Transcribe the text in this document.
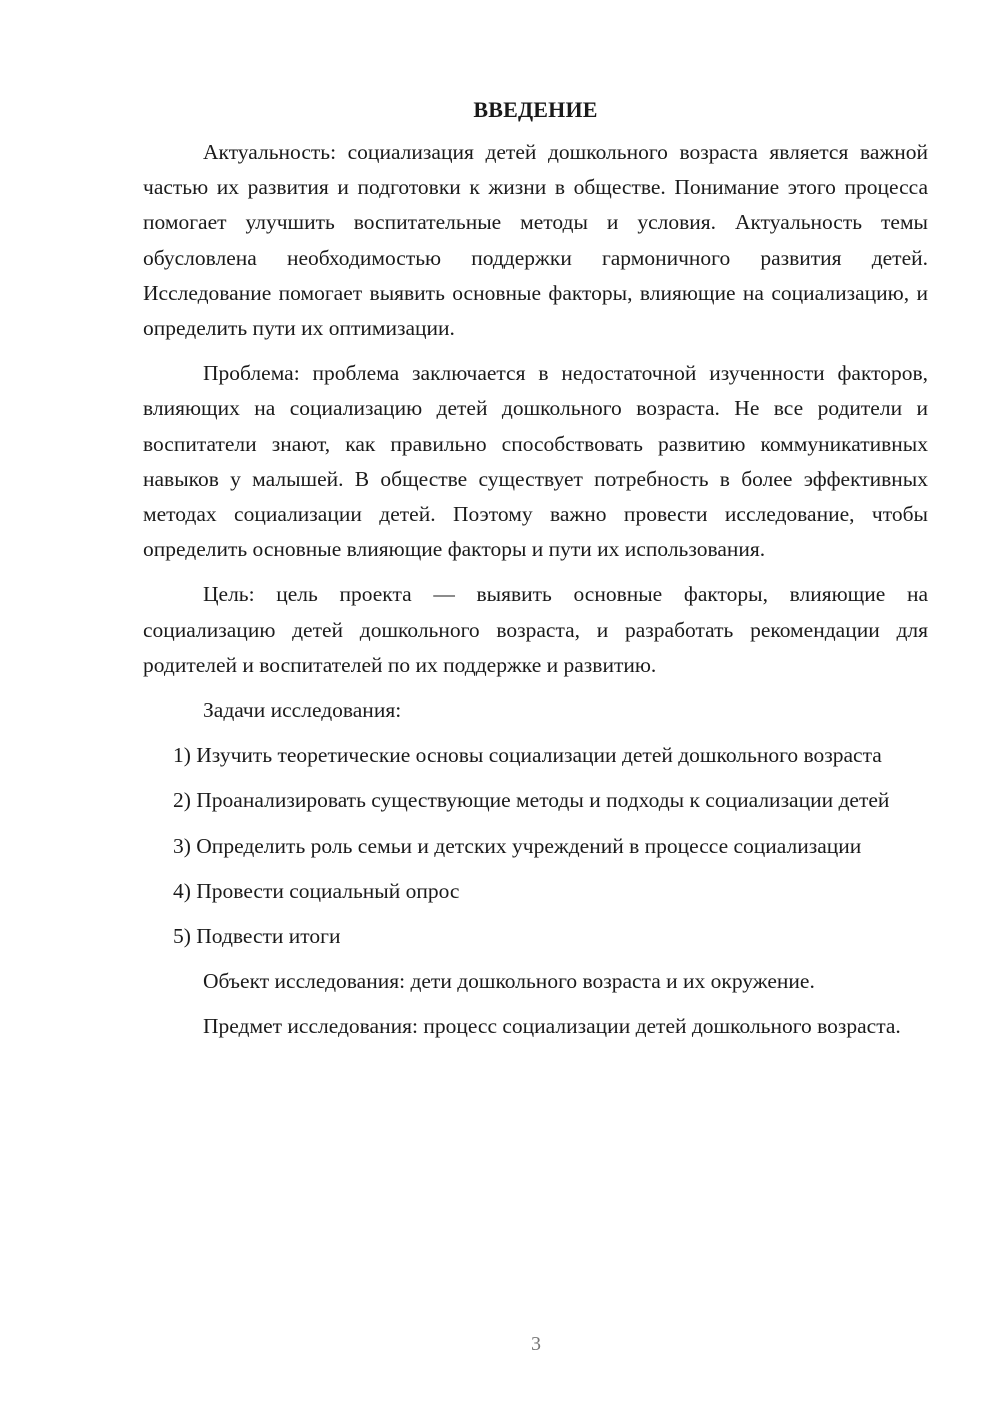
ВВЕДЕНИЕ

Актуальность: социализация детей дошкольного возраста является важной частью их развития и подготовки к жизни в обществе. Понимание этого процесса помогает улучшить воспитательные методы и условия. Актуальность темы обусловлена необходимостью поддержки гармоничного развития детей. Исследование помогает выявить основные факторы, влияющие на социализацию, и определить пути их оптимизации.

Проблема: проблема заключается в недостаточной изученности факторов, влияющих на социализацию детей дошкольного возраста. Не все родители и воспитатели знают, как правильно способствовать развитию коммуникативных навыков у малышей. В обществе существует потребность в более эффективных методах социализации детей. Поэтому важно провести исследование, чтобы определить основные влияющие факторы и пути их использования.

Цель: цель проекта — выявить основные факторы, влияющие на социализацию детей дошкольного возраста, и разработать рекомендации для родителей и воспитателей по их поддержке и развитию.

Задачи исследования:

1) Изучить теоретические основы социализации детей дошкольного возраста

2) Проанализировать существующие методы и подходы к социализации детей

3) Определить роль семьи и детских учреждений в процессе социализации

4) Провести социальный опрос

5) Подвести итоги

Объект исследования: дети дошкольного возраста и их окружение.

Предмет исследования: процесс социализации детей дошкольного возраста.

3
